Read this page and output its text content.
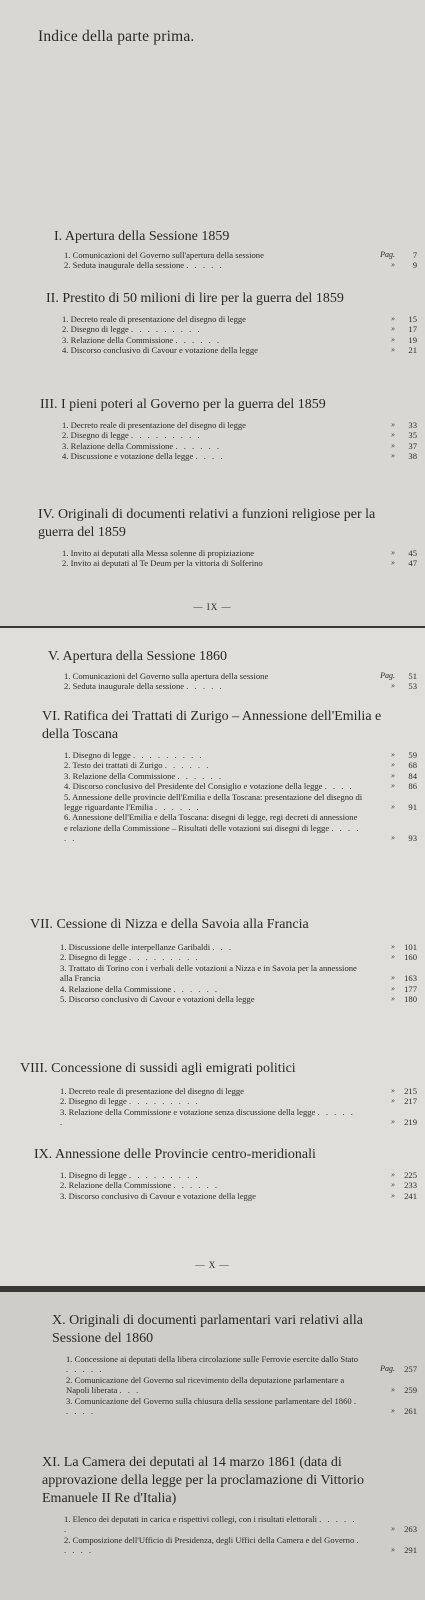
Indice della parte prima.
I. Apertura della Sessione 1859
1. Comunicazioni del Governo sull'apertura della sessione	Pag. 7
2. Seduta inaugurale della sessione . . . . .	» 9
II. Prestito di 50 milioni di lire per la guerra del 1859
1. Decreto reale di presentazione del disegno di legge	» 15
2. Disegno di legge . . . . . . . . .	» 17
3. Relazione della Commissione . . . . . .	» 19
4. Discorso conclusivo di Cavour e votazione della legge	» 21
III. I pieni poteri al Governo per la guerra del 1859
1. Decreto reale di presentazione del disegno di legge	» 33
2. Disegno di legge . . . . . . . . .	» 35
3. Relazione della Commissione . . . . . .	» 37
4. Discussione e votazione della legge . . . .	» 38
IV. Originali di documenti relativi a funzioni religiose per la guerra del 1859
1. Invito ai deputati alla Messa solenne di propiziazione	» 45
2. Invito ai deputati al Te Deum per la vittoria di Solferino	» 47
— IX —
V. Apertura della Sessione 1860
1. Comunicazioni del Governo sulla apertura della sessione	Pag. 51
2. Seduta inaugurale della sessione . . . . .	» 53
VI. Ratifica dei Trattati di Zurigo – Annessione dell'Emilia e della Toscana
1. Disegno di legge . . . . . . . . .	» 59
2. Testo dei trattati di Zurigo . . . . . .	» 68
3. Relazione della Commissione . . . . . .	» 84
4. Discorso conclusivo del Presidente del Consiglio e votazione della legge . . . .	» 86
5. Annessione delle provincie dell'Emilia e della Toscana: presentazione del disegno di legge riguardante l'Emilia . . . . . .	» 91
6. Annessione dell'Emilia e della Toscana: disegni di legge, regi decreti di annessione e relazione della Commissione – Risultati delle votazioni sui disegni di legge . . . . . .	» 93
VII. Cessione di Nizza e della Savoia alla Francia
1. Discussione delle interpellanze Garibaldi . . .	» 101
2. Disegno di legge . . . . . . . . .	» 160
3. Trattato di Torino con i verbali delle votazioni a Nizza e in Savoia per la annessione alla Francia	» 163
4. Relazione della Commissione . . . . . .	» 177
5. Discorso conclusivo di Cavour e votazioni della legge	» 180
VIII. Concessione di sussidi agli emigrati politici
1. Decreto reale di presentazione del disegno di legge	» 215
2. Disegno di legge . . . . . . . . .	» 217
3. Relazione della Commissione e votazione senza discussione della legge . . . . . .	» 219
IX. Annessione delle Provincie centro-meridionali
1. Disegno di legge . . . . . . . . .	» 225
2. Relazione della Commissione . . . . . .	» 233
3. Discorso conclusivo di Cavour e votazione della legge	» 241
— X —
X. Originali di documenti parlamentari vari relativi alla Sessione del 1860
1. Concessione ai deputati della libera circolazione sulle Ferrovie esercite dallo Stato . . . . .	Pag. 257
2. Comunicazione del Governo sul ricevimento della deputazione parlamentare a Napoli liberata . . .	» 259
3. Comunicazione del Governo sulla chiusura della sessione parlamentare del 1860 . . . . .	» 261
XI. La Camera dei deputati al 14 marzo 1861 (data di approvazione della legge per la proclamazione di Vittorio Emanuele II Re d'Italia)
1. Elenco dei deputati in carica e rispettivi collegi, con i risultati elettorali . . . . . .	» 263
2. Composizione dell'Ufficio di Presidenza, degli Uffici della Camera e del Governo . . . . .	» 291
